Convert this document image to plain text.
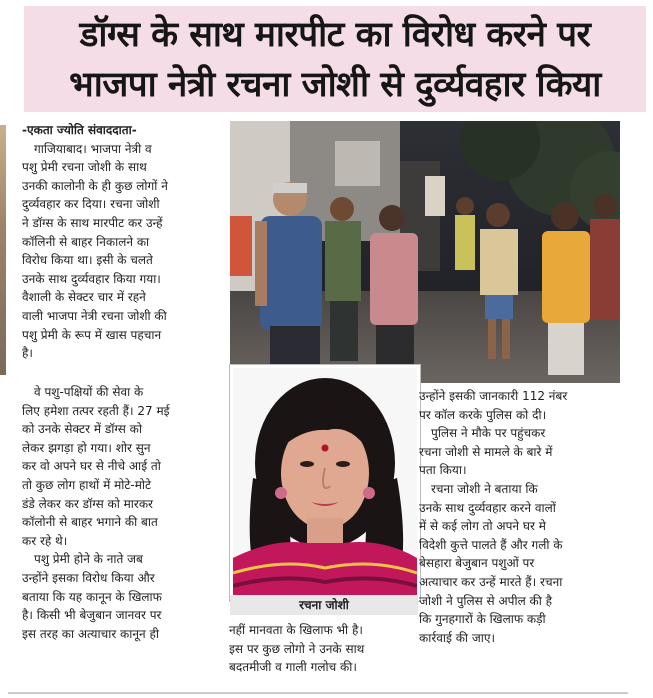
डॉग्स के साथ मारपीट का विरोध करने पर
भाजपा नेत्री रचना जोशी से दुर्व्यवहार किया

-एकता ज्योति संवाददाता-

गाजियाबाद। भाजपा नेत्री व

पशु प्रेमी रचना जोशी के साथ

उनकी कालोनी के ही कुछ लोगों ने

दुर्व्यवहार कर दिया। रचना जोशी

ने डॉग्स के साथ मारपीट कर उन्हें

कॉलिनी से बाहर निकालने का

विरोध किया था। इसी के चलते

उनके साथ दुर्व्यवहार किया गया।

वैशाली के सेक्टर चार में रहने

वाली भाजपा नेत्री रचना जोशी की

पशु प्रेमी के रूप में खास पहचान

है।

वे पशु-पक्षियों की सेवा के

लिए हमेशा तत्पर रहती हैं। 27 मई

को उनके सेक्टर में डॉग्स को

लेकर झगड़ा हो गया। शोर सुन

कर वो अपने घर से नीचे आई तो

तो कुछ लोग हाथों में मोटे-मोटे

डंडे लेकर कर डॉग्स को मारकर

कॉलोनी से बाहर भगाने की बात

कर रहे थे।

पशु प्रेमी होने के नाते जब

उन्होंने इसका विरोध किया और

बताया कि यह कानून के खिलाफ

है। किसी भी बेजुबान जानवर पर

इस तरह का अत्याचार कानून ही

रचना जोशी

नहीं मानवता के खिलाफ भी है।

इस पर कुछ लोगो ने उनके साथ

बदतमीजी व गाली गलोच की।

उन्होंने इसकी जानकारी 112 नंबर

पर कॉल करके पुलिस को दी।

पुलिस ने मौके पर पहुंचकर

रचना जोशी से मामले के बारे में

पता किया।

रचना जोशी ने बताया कि

उनके साथ दुर्व्यवहार करने वालों

में से कई लोग तो अपने घर मे

विदेशी कुत्ते पालते हैं और गली के

बेसहारा बेजुबान पशुओं पर

अत्याचार कर उन्हें मारते हैं। रचना

जोशी ने पुलिस से अपील की है

कि गुनहगारों के खिलाफ कड़ी

कार्रवाई की जाए।
